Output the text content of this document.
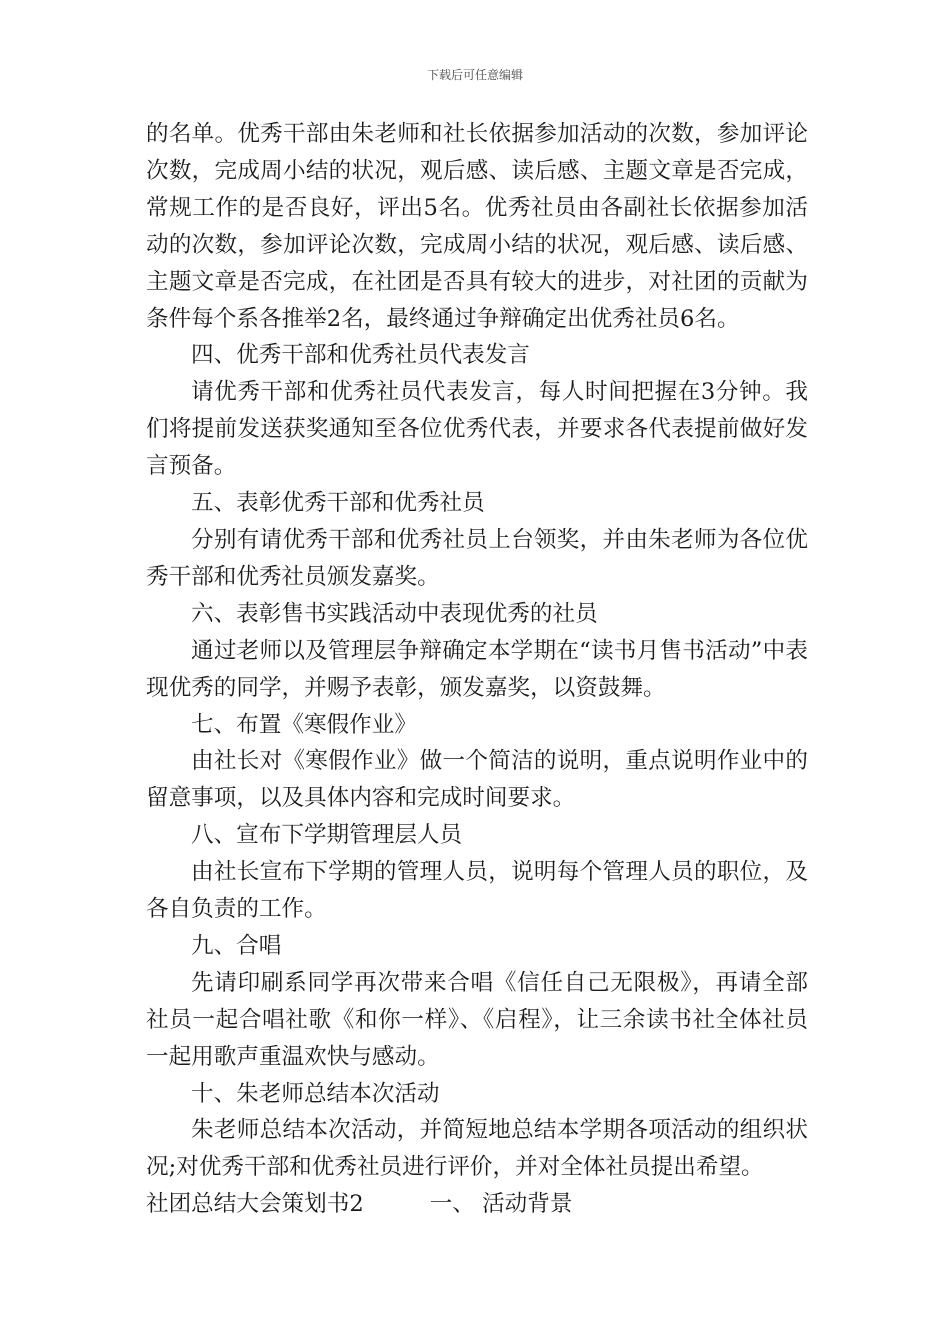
下载后可任意编辑

的名单。优秀干部由朱老师和社长依据参加活动的次数，参加评论次数，完成周小结的状况，观后感、读后感、主题文章是否完成，常规工作的是否良好，评出5名。优秀社员由各副社长依据参加活动的次数，参加评论次数，完成周小结的状况，观后感、读后感、主题文章是否完成，在社团是否具有较大的进步，对社团的贡献为条件每个系各推举2名，最终通过争辩确定出优秀社员6名。

四、优秀干部和优秀社员代表发言

请优秀干部和优秀社员代表发言，每人时间把握在3分钟。我们将提前发送获奖通知至各位优秀代表，并要求各代表提前做好发言预备。

五、表彰优秀干部和优秀社员

分别有请优秀干部和优秀社员上台领奖，并由朱老师为各位优秀干部和优秀社员颁发嘉奖。

六、表彰售书实践活动中表现优秀的社员

通过老师以及管理层争辩确定本学期在“读书月售书活动”中表现优秀的同学，并赐予表彰，颁发嘉奖，以资鼓舞。

七、布置《寒假作业》

由社长对《寒假作业》做一个简洁的说明，重点说明作业中的留意事项，以及具体内容和完成时间要求。

八、宣布下学期管理层人员

由社长宣布下学期的管理人员，说明每个管理人员的职位，及各自负责的工作。

九、合唱

先请印刷系同学再次带来合唱《信任自己无限极》，再请全部社员一起合唱社歌《和你一样》、《启程》，让三余读书社全体社员一起用歌声重温欢快与感动。

十、朱老师总结本次活动

朱老师总结本次活动，并简短地总结本学期各项活动的组织状况;对优秀干部和优秀社员进行评价，并对全体社员提出希望。

社团总结大会策划书2	一、 活动背景
